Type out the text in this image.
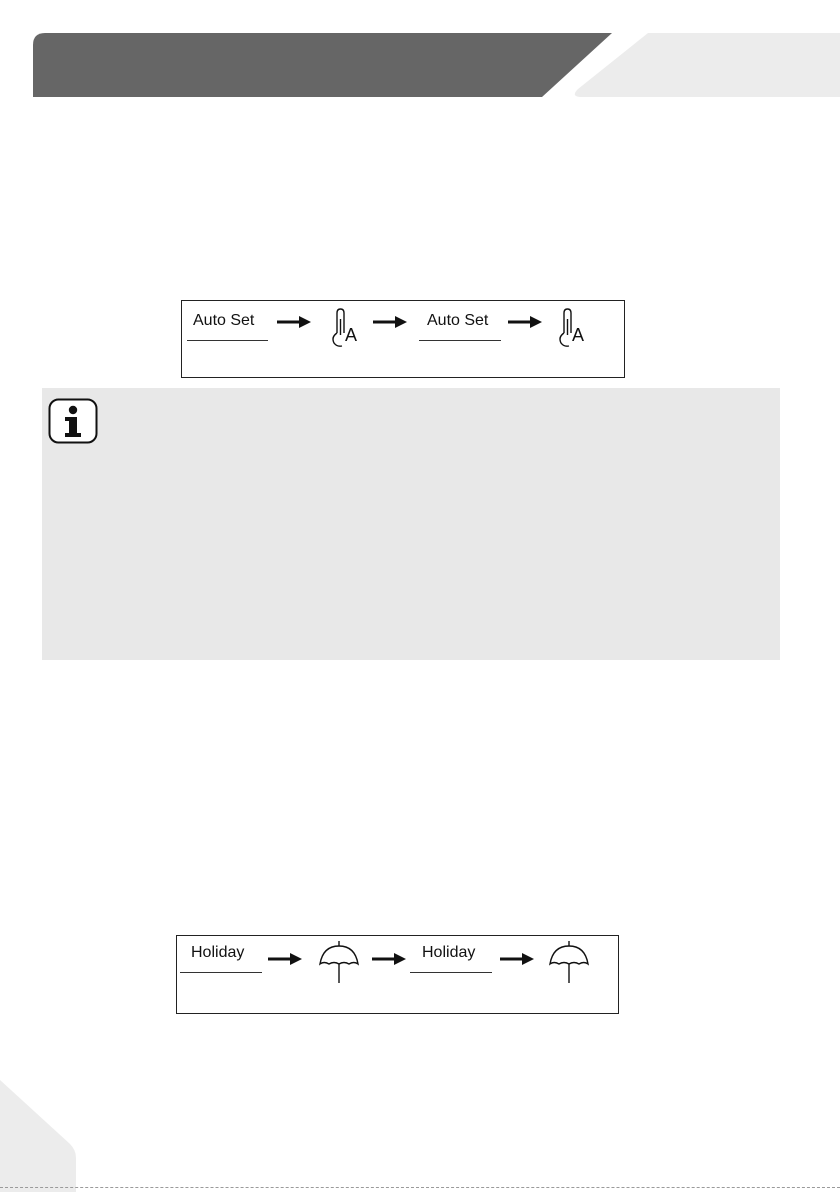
Auto Set
A
Auto Set
A
Holiday	Holiday
